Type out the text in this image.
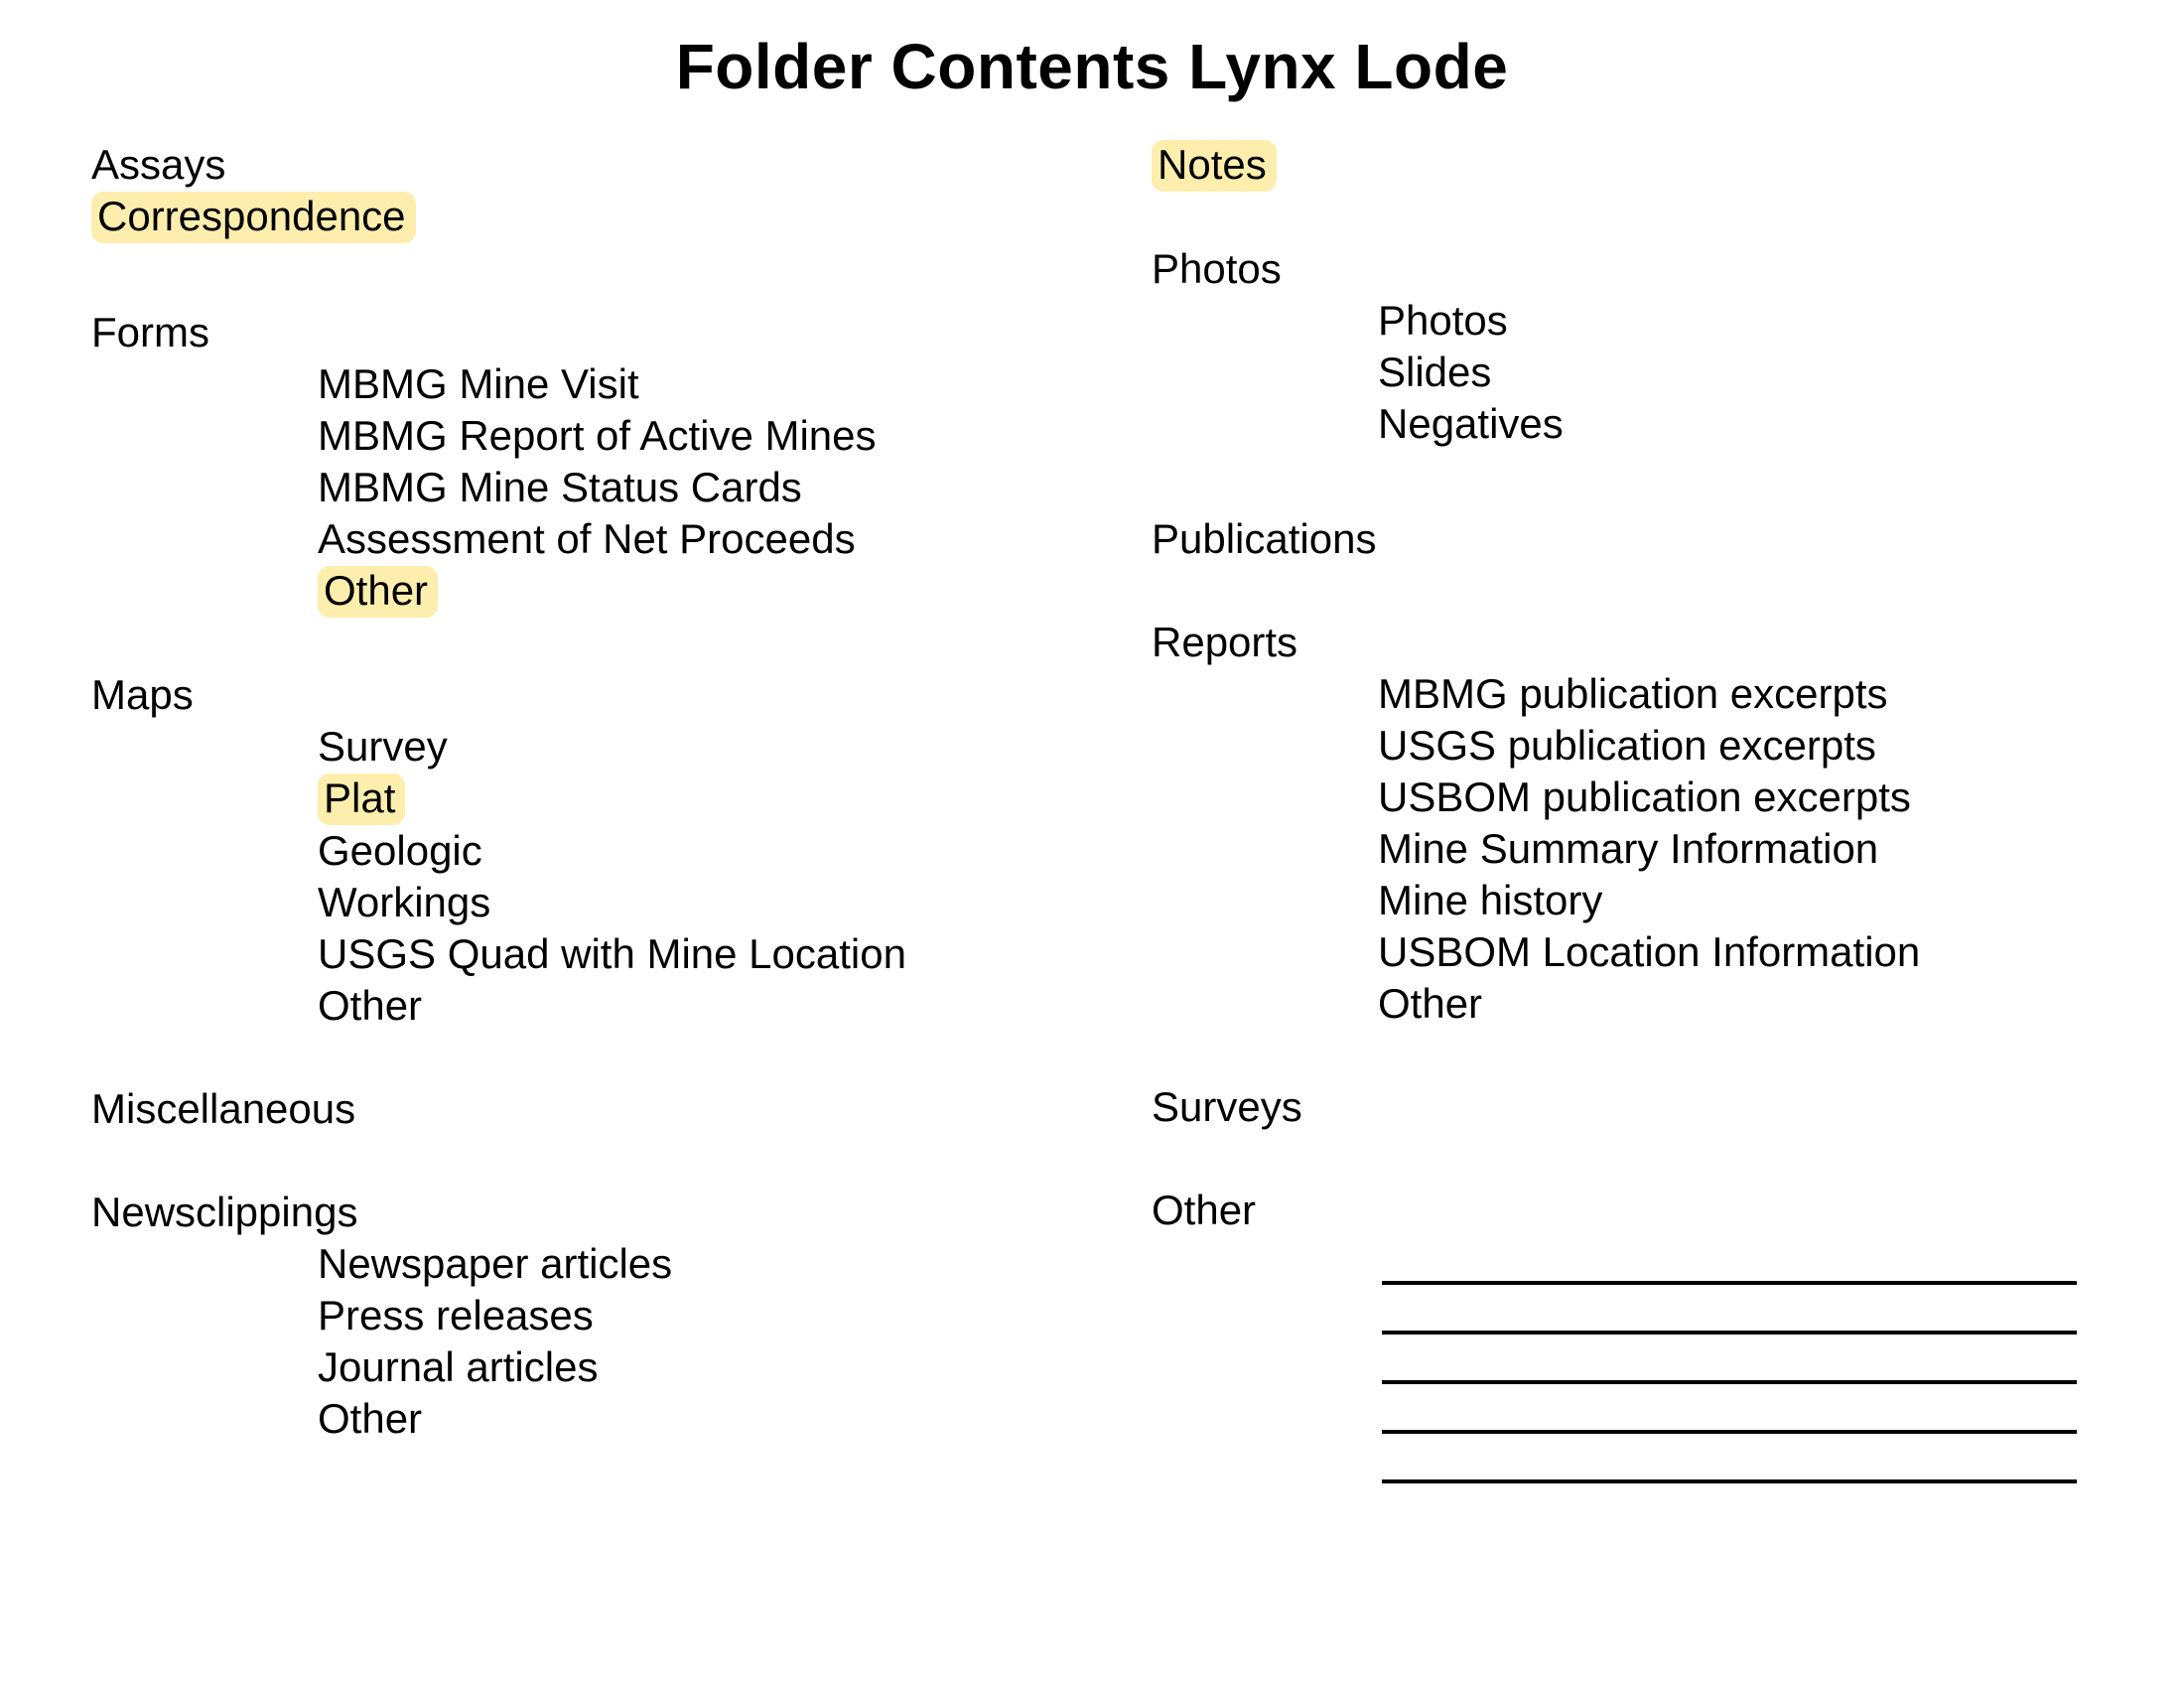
Folder Contents Lynx Lode
Assays
Correspondence
Forms
MBMG Mine Visit
MBMG Report of Active Mines
MBMG Mine Status Cards
Assessment of Net Proceeds
Other
Maps
Survey
Plat
Geologic
Workings
USGS Quad with Mine Location
Other
Miscellaneous
Newsclippings
Newspaper articles
Press releases
Journal articles
Other
Notes
Photos
Photos
Slides
Negatives
Publications
Reports
MBMG publication excerpts
USGS publication excerpts
USBOM publication excerpts
Mine Summary Information
Mine history
USBOM Location Information
Other
Surveys
Other
